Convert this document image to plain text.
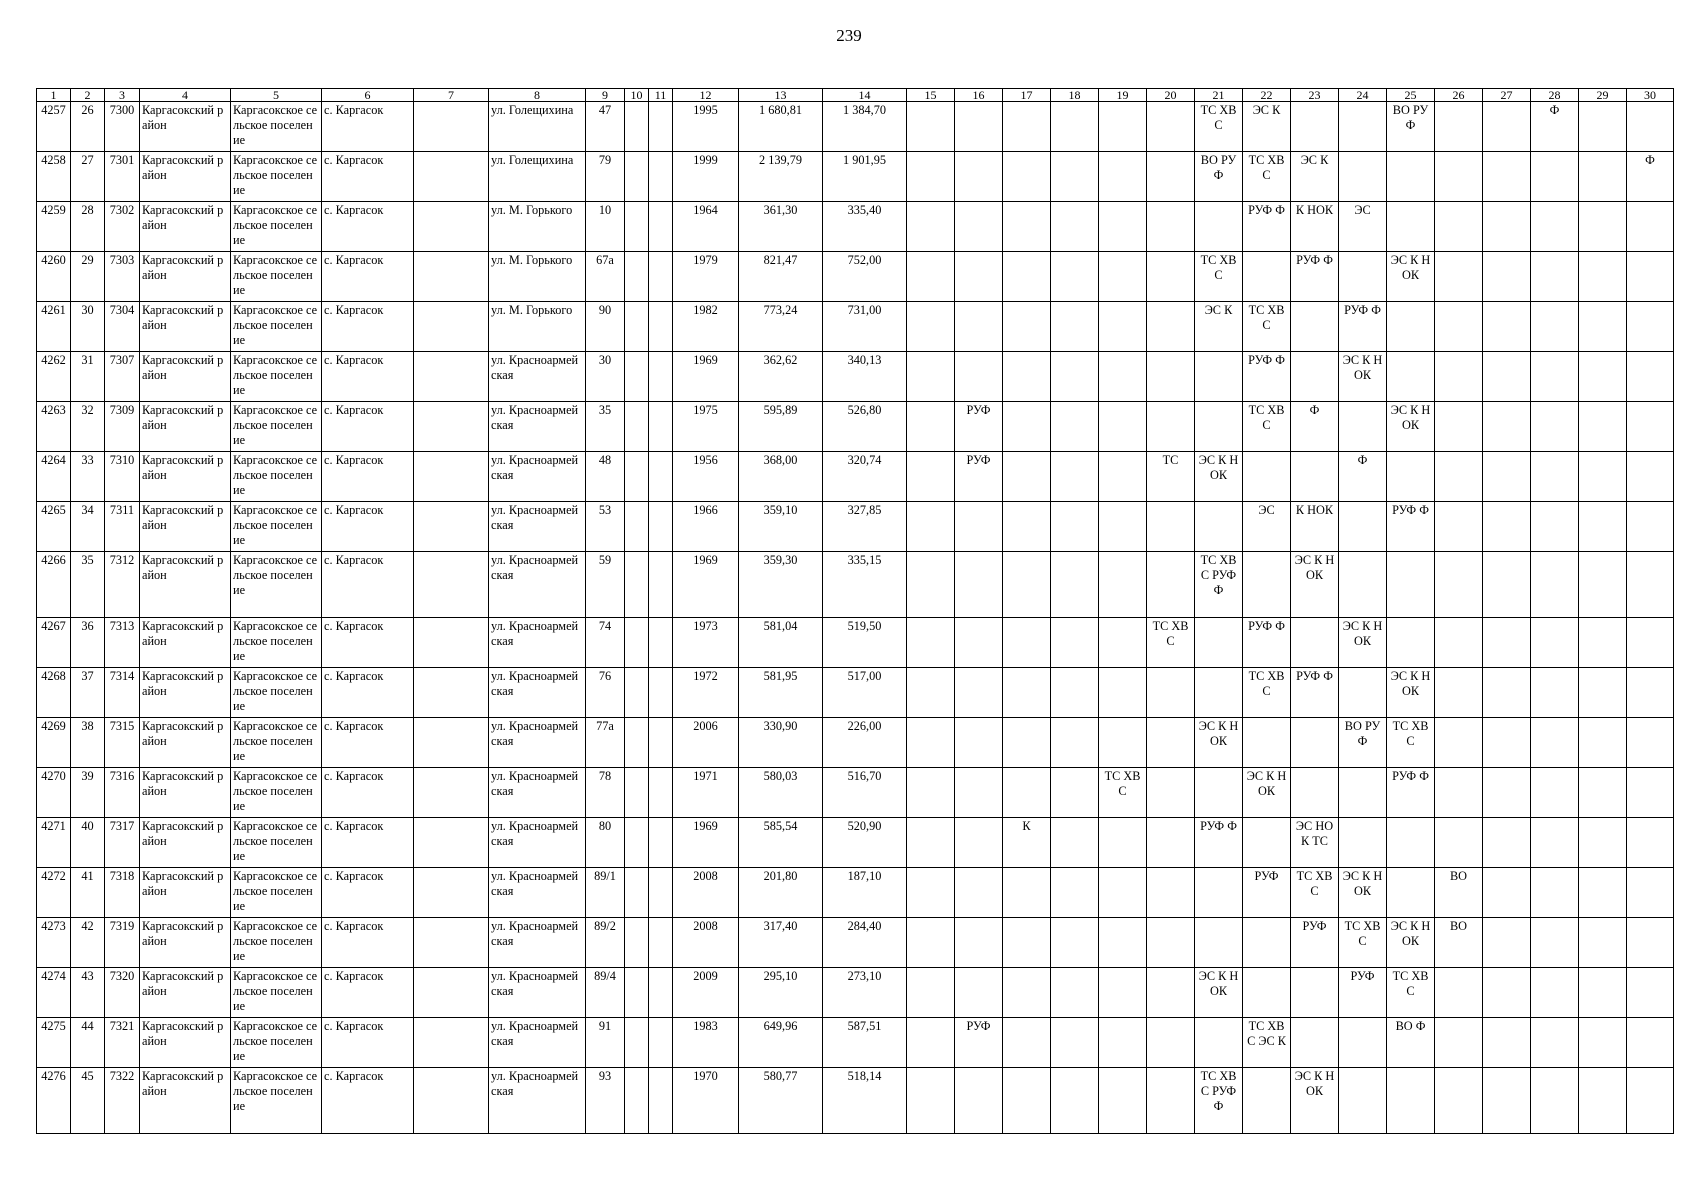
239
1	2	3	4	5	6	7	8	9	10	11	12	13	14	15	16	17	18	19	20	21	22	23	24	25	26	27	28	29	30
4257	26	7300	Каргасокский район	Каргасокское сельское поселение	с. Каргасок		ул. Голещихина	47			1995	1 680,81	1 384,70							ТС ХВС	ЭС К			ВО РУФ			Ф		
4258	27	7301	Каргасокский район	Каргасокское сельское поселение	с. Каргасок		ул. Голещихина	79			1999	2 139,79	1 901,95							ВО РУФ	ТС ХВС	ЭС К							Ф
4259	28	7302	Каргасокский район	Каргасокское сельское поселение	с. Каргасок		ул. М. Горького	10			1964	361,30	335,40								РУФ Ф	К НОК	ЭС						
4260	29	7303	Каргасокский район	Каргасокское сельское поселение	с. Каргасок		ул. М. Горького	67а			1979	821,47	752,00							ТС ХВС		РУФ Ф		ЭС К НОК					
4261	30	7304	Каргасокский район	Каргасокское сельское поселение	с. Каргасок		ул. М. Горького	90			1982	773,24	731,00							ЭС К	ТС ХВС		РУФ Ф						
4262	31	7307	Каргасокский район	Каргасокское сельское поселение	с. Каргасок		ул. Красноармейская	30			1969	362,62	340,13								РУФ Ф		ЭС К НОК						
4263	32	7309	Каргасокский район	Каргасокское сельское поселение	с. Каргасок		ул. Красноармейская	35			1975	595,89	526,80		РУФ						ТС ХВС	Ф		ЭС К НОК					
4264	33	7310	Каргасокский район	Каргасокское сельское поселение	с. Каргасок		ул. Красноармейская	48			1956	368,00	320,74		РУФ				ТС	ЭС К НОК			Ф						
4265	34	7311	Каргасокский район	Каргасокское сельское поселение	с. Каргасок		ул. Красноармейская	53			1966	359,10	327,85								ЭС	К НОК		РУФ Ф					
4266	35	7312	Каргасокский район	Каргасокское сельское поселение	с. Каргасок		ул. Красноармейская	59			1969	359,30	335,15							ТС ХВС РУФ Ф		ЭС К НОК							
4267	36	7313	Каргасокский район	Каргасокское сельское поселение	с. Каргасок		ул. Красноармейская	74			1973	581,04	519,50						ТС ХВС		РУФ Ф		ЭС К НОК						
4268	37	7314	Каргасокский район	Каргасокское сельское поселение	с. Каргасок		ул. Красноармейская	76			1972	581,95	517,00								ТС ХВС	РУФ Ф		ЭС К НОК					
4269	38	7315	Каргасокский район	Каргасокское сельское поселение	с. Каргасок		ул. Красноармейская	77а			2006	330,90	226,00							ЭС К НОК			ВО РУФ	ТС ХВС					
4270	39	7316	Каргасокский район	Каргасокское сельское поселение	с. Каргасок		ул. Красноармейская	78			1971	580,03	516,70					ТС ХВС			ЭС К НОК			РУФ Ф					
4271	40	7317	Каргасокский район	Каргасокское сельское поселение	с. Каргасок		ул. Красноармейская	80			1969	585,54	520,90			К				РУФ Ф		ЭС НОК ТС							
4272	41	7318	Каргасокский район	Каргасокское сельское поселение	с. Каргасок		ул. Красноармейская	89/1			2008	201,80	187,10								РУФ	ТС ХВС	ЭС К НОК		ВО				
4273	42	7319	Каргасокский район	Каргасокское сельское поселение	с. Каргасок		ул. Красноармейская	89/2			2008	317,40	284,40									РУФ	ТС ХВС	ЭС К НОК	ВО				
4274	43	7320	Каргасокский район	Каргасокское сельское поселение	с. Каргасок		ул. Красноармейская	89/4			2009	295,10	273,10							ЭС К НОК			РУФ	ТС ХВС					
4275	44	7321	Каргасокский район	Каргасокское сельское поселение	с. Каргасок		ул. Красноармейская	91			1983	649,96	587,51		РУФ						ТС ХВС ЭС К			ВО Ф					
4276	45	7322	Каргасокский район	Каргасокское сельское поселение	с. Каргасок		ул. Красноармейская	93			1970	580,77	518,14							ТС ХВС РУФ Ф		ЭС К НОК							
